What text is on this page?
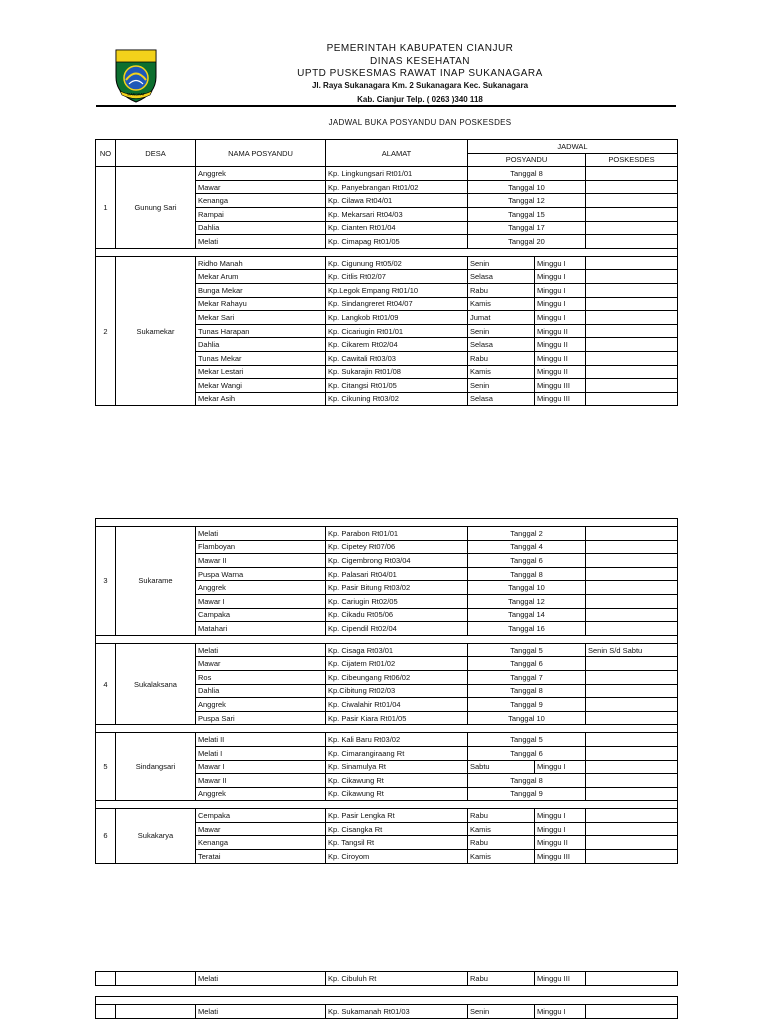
MANGKAT
PEMERINTAH KABUPATEN CIANJUR
DINAS KESEHATAN
UPTD PUSKESMAS RAWAT INAP SUKANAGARA
Jl. Raya Sukanagara Km. 2 Sukanagara Kec. Sukanagara
Kab. Cianjur Telp. ( 0263 )340 118
JADWAL BUKA POSYANDU DAN POSKESDES
NO	DESA	NAMA POSYANDU	ALAMAT	JADWAL		
				POSYANDU		POSKESDES
1	Gunung Sari	Anggrek	Kp. Lingkungsari Rt01/01	Tanggal 8		
		Mawar	Kp. Panyebrangan Rt01/02	Tanggal 10		
		Kenanga	Kp. Cilawa Rt04/01	Tanggal 12		
		Rampai	Kp. Mekarsari Rt04/03	Tanggal 15		
		Dahlia	Kp. Cianten Rt01/04	Tanggal 17		
		Melati	Kp. Cimapag Rt01/05	Tanggal 20		

2	Sukamekar	Ridho Manah	Kp. Cigunung Rt05/02	Senin	Minggu I	
		Mekar Arum	Kp. Citlis Rt02/07	Selasa	Minggu I	
		Bunga Mekar	Kp.Legok Empang Rt01/10	Rabu	Minggu I	
		Mekar Rahayu	Kp. Sindangreret Rt04/07	Kamis	Minggu I	
		Mekar Sari	Kp. Langkob Rt01/09	Jumat	Minggu I	
		Tunas Harapan	Kp. Cicariugin Rt01/01	Senin	Minggu II	
		Dahlia	Kp. Cikarem Rt02/04	Selasa	Minggu II	
		Tunas Mekar	Kp. Cawitali Rt03/03	Rabu	Minggu II	
		Mekar Lestari	Kp. Sukarajin Rt01/08	Kamis	Minggu II	
		Mekar Wangi	Kp. Citangsi Rt01/05	Senin	Minggu III	
		Mekar Asih	Kp. Cikuning Rt03/02	Selasa	Minggu III	

3	Sukarame	Melati	Kp. Parabon Rt01/01	Tanggal 2		
		Flamboyan	Kp. Cipetey Rt07/06	Tanggal 4		
		Mawar II	Kp. Cigembrong Rt03/04	Tanggal 6		
		Puspa Warna	Kp. Palasari Rt04/01	Tanggal 8		
		Anggrek	Kp. Pasir Bitung Rt03/02	Tanggal 10		
		Mawar I	Kp. Cariugin Rt02/05	Tanggal 12		
		Campaka	Kp. Cikadu Rt05/06	Tanggal 14		
		Matahari	Kp. Cipendil Rt02/04	Tanggal 16		

4	Sukalaksana	Melati	Kp. Cisaga Rt03/01	Tanggal 5		Senin S/d Sabtu
		Mawar	Kp. Cijatem Rt01/02	Tanggal 6		
		Ros	Kp. Cibeungang Rt06/02	Tanggal 7		
		Dahlia	Kp.Cibitung Rt02/03	Tanggal 8		
		Anggrek	Kp. Ciwalahir Rt01/04	Tanggal 9		
		Puspa Sari	Kp. Pasir Kiara Rt01/05	Tanggal 10		

5	Sindangsari	Melati II	Kp. Kali Baru Rt03/02	Tanggal 5		
		Melati I	Kp. Cimarangiraang Rt	Tanggal 6		
		Mawar I	Kp. Sinamulya Rt	Sabtu	Minggu I	
		Mawar II	Kp. Cikawung Rt	Tanggal 8		
		Anggrek	Kp. Cikawung Rt	Tanggal 9		

6	Sukakarya	Cempaka	Kp. Pasir Lengka Rt	Rabu	Minggu I	
		Mawar	Kp. Cisangka Rt	Kamis	Minggu I	
		Kenanga	Kp. Tangsil Rt	Rabu	Minggu II	
		Teratai	Kp. Ciroyom	Kamis	Minggu III	
		Melati	Kp. Cibuluh Rt	Rabu	Minggu III	

		Melati	Kp. Sukamanah Rt01/03	Senin	Minggu I	
